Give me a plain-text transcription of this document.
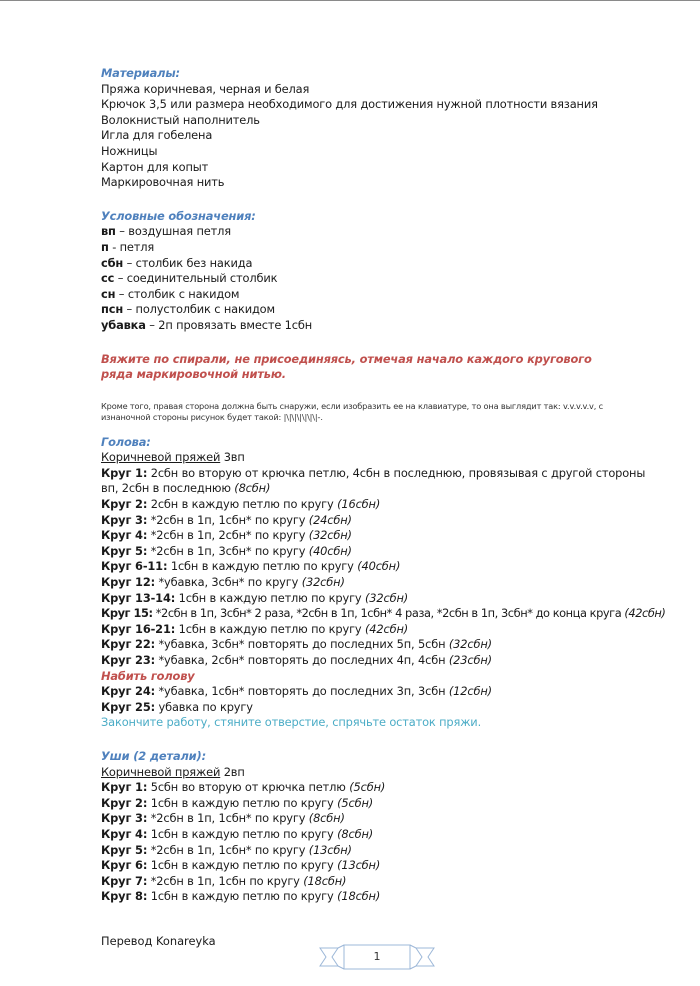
Материалы:
Пряжа коричневая, черная и белая
Крючок 3,5 или размера необходимого для достижения нужной плотности вязания
Волокнистый наполнитель
Игла для гобелена
Ножницы
Картон для копыт
Маркировочная нить
Условные обозначения:
вп – воздушная петля
п - петля
сбн – столбик без накида
сс – соединительный столбик
сн – столбик с накидом
псн – полустолбик с накидом
убавка – 2п провязать вместе 1сбн
Вяжите по спирали, не присоединяясь, отмечая начало каждого кругового ряда маркировочной нитью.
Кроме того, правая сторона должна быть снаружи, если изобразить ее на клавиатуре, то она выглядит так: v.v.v.v.v, с изнаночной стороны рисунок будет такой: |\|\|\|\|\|\|-.
Голова:
Коричневой пряжей 3вп
Круг 1: 2сбн во вторую от крючка петлю, 4сбн в последнюю, провязывая с другой стороны вп, 2сбн в последнюю (8сбн)
Круг 2: 2сбн в каждую петлю по кругу (16сбн)
Круг 3: *2сбн в 1п, 1сбн* по кругу (24сбн)
Круг 4: *2сбн в 1п, 2сбн* по кругу (32сбн)
Круг 5: *2сбн в 1п, 3сбн* по кругу (40сбн)
Круг 6-11: 1сбн в каждую петлю по кругу (40сбн)
Круг 12: *убавка, 3сбн* по кругу (32сбн)
Круг 13-14: 1сбн в каждую петлю по кругу (32сбн)
Круг 15: *2сбн в 1п, 3сбн* 2 раза, *2сбн в 1п, 1сбн* 4 раза, *2сбн в 1п, 3сбн* до конца круга (42сбн)
Круг 16-21: 1сбн в каждую петлю по кругу (42сбн)
Круг 22: *убавка, 3сбн* повторять до последних 5п, 5сбн (32сбн)
Круг 23: *убавка, 2сбн* повторять до последних 4п, 4сбн (23сбн)
Набить голову
Круг 24: *убавка, 1сбн* повторять до последних 3п, 3сбн (12сбн)
Круг 25: убавка по кругу
Закончите работу, стяните отверстие, спрячьте остаток пряжи.
Уши (2 детали):
Коричневой пряжей 2вп
Круг 1: 5сбн во вторую от крючка петлю (5сбн)
Круг 2: 1сбн в каждую петлю по кругу (5сбн)
Круг 3: *2сбн в 1п, 1сбн* по кругу (8сбн)
Круг 4: 1сбн в каждую петлю по кругу (8сбн)
Круг 5: *2сбн в 1п, 1сбн* по кругу (13сбн)
Круг 6: 1сбн в каждую петлю по кругу (13сбн)
Круг 7: *2сбн в 1п, 1сбн по кругу (18сбн)
Круг 8: 1сбн в каждую петлю по кругу (18сбн)
Перевод Konareyka
1
